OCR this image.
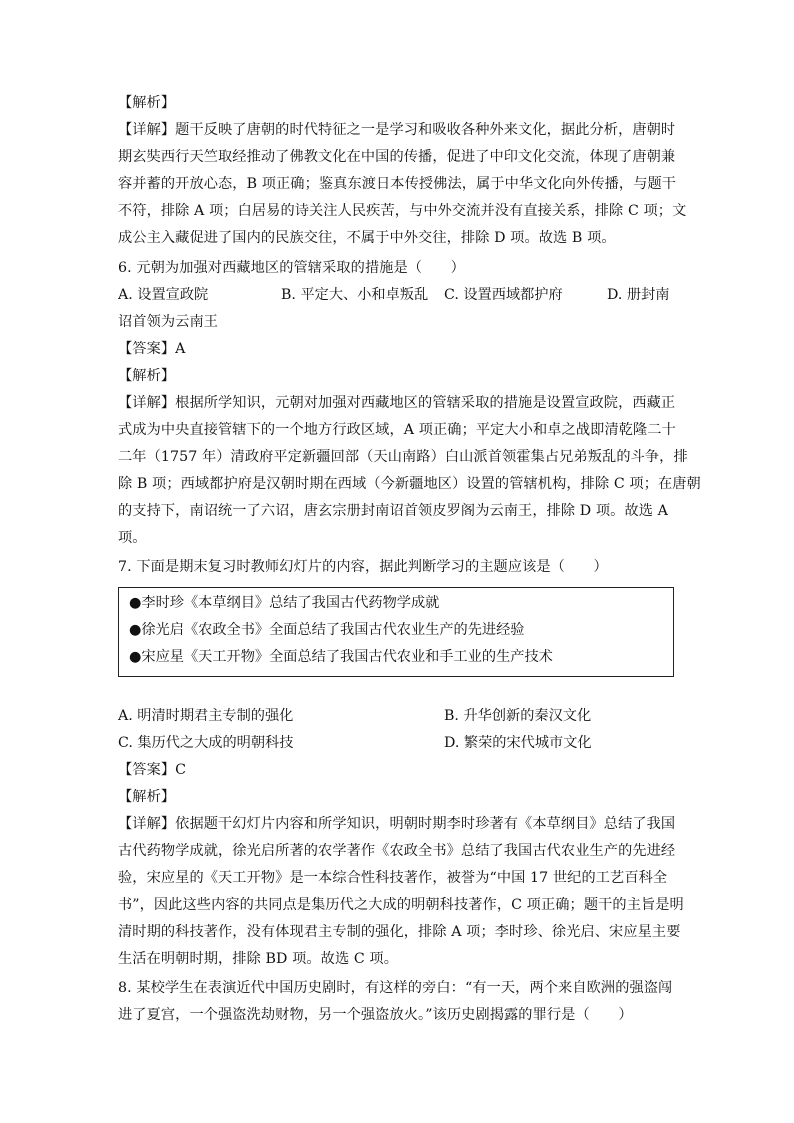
【解析】
【详解】题干反映了唐朝的时代特征之一是学习和吸收各种外来文化，据此分析，唐朝时
期玄奘西行天竺取经推动了佛教文化在中国的传播，促进了中印文化交流，体现了唐朝兼
容并蓄的开放心态，B 项正确；鉴真东渡日本传授佛法，属于中华文化向外传播，与题干
不符，排除 A 项；白居易的诗关注人民疾苦，与中外交流并没有直接关系，排除 C 项；文
成公主入藏促进了国内的民族交往，不属于中外交往，排除 D 项。故选 B 项。
6. 元朝为加强对西藏地区的管辖采取的措施是（　　）
A. 设置宣政院	B. 平定大、小和卓叛乱 C. 设置西域都护府	D. 册封南
诏首领为云南王
【答案】A
【解析】
【详解】根据所学知识，元朝对加强对西藏地区的管辖采取的措施是设置宣政院，西藏正
式成为中央直接管辖下的一个地方行政区域，A 项正确；平定大小和卓之战即清乾隆二十
二年（1757 年）清政府平定新疆回部（天山南路）白山派首领霍集占兄弟叛乱的斗争，排
除 B 项；西域都护府是汉朝时期在西域（今新疆地区）设置的管辖机构，排除 C 项；在唐朝
的支持下，南诏统一了六诏，唐玄宗册封南诏首领皮罗阁为云南王，排除 D 项。故选 A
项。
7. 下面是期末复习时教师幻灯片的内容，据此判断学习的主题应该是（　　）
●李时珍《本草纲目》总结了我国古代药物学成就
●徐光启《农政全书》全面总结了我国古代农业生产的先进经验
●宋应星《天工开物》全面总结了我国古代农业和手工业的生产技术
A. 明清时期君主专制的强化	B. 升华创新的秦汉文化
C. 集历代之大成的明朝科技	D. 繁荣的宋代城市文化
【答案】C
【解析】
【详解】依据题干幻灯片内容和所学知识，明朝时期李时珍著有《本草纲目》总结了我国
古代药物学成就，徐光启所著的农学著作《农政全书》总结了我国古代农业生产的先进经
验，宋应星的《天工开物》是一本综合性科技著作，被誉为“中国 17 世纪的工艺百科全
书”，因此这些内容的共同点是集历代之大成的明朝科技著作，C 项正确；题干的主旨是明
清时期的科技著作，没有体现君主专制的强化，排除 A 项；李时珍、徐光启、宋应星主要
生活在明朝时期，排除 BD 项。故选 C 项。
8. 某校学生在表演近代中国历史剧时，有这样的旁白：“有一天，两个来自欧洲的强盗闯
进了夏宫，一个强盗洗劫财物，另一个强盗放火。”该历史剧揭露的罪行是（　　）
